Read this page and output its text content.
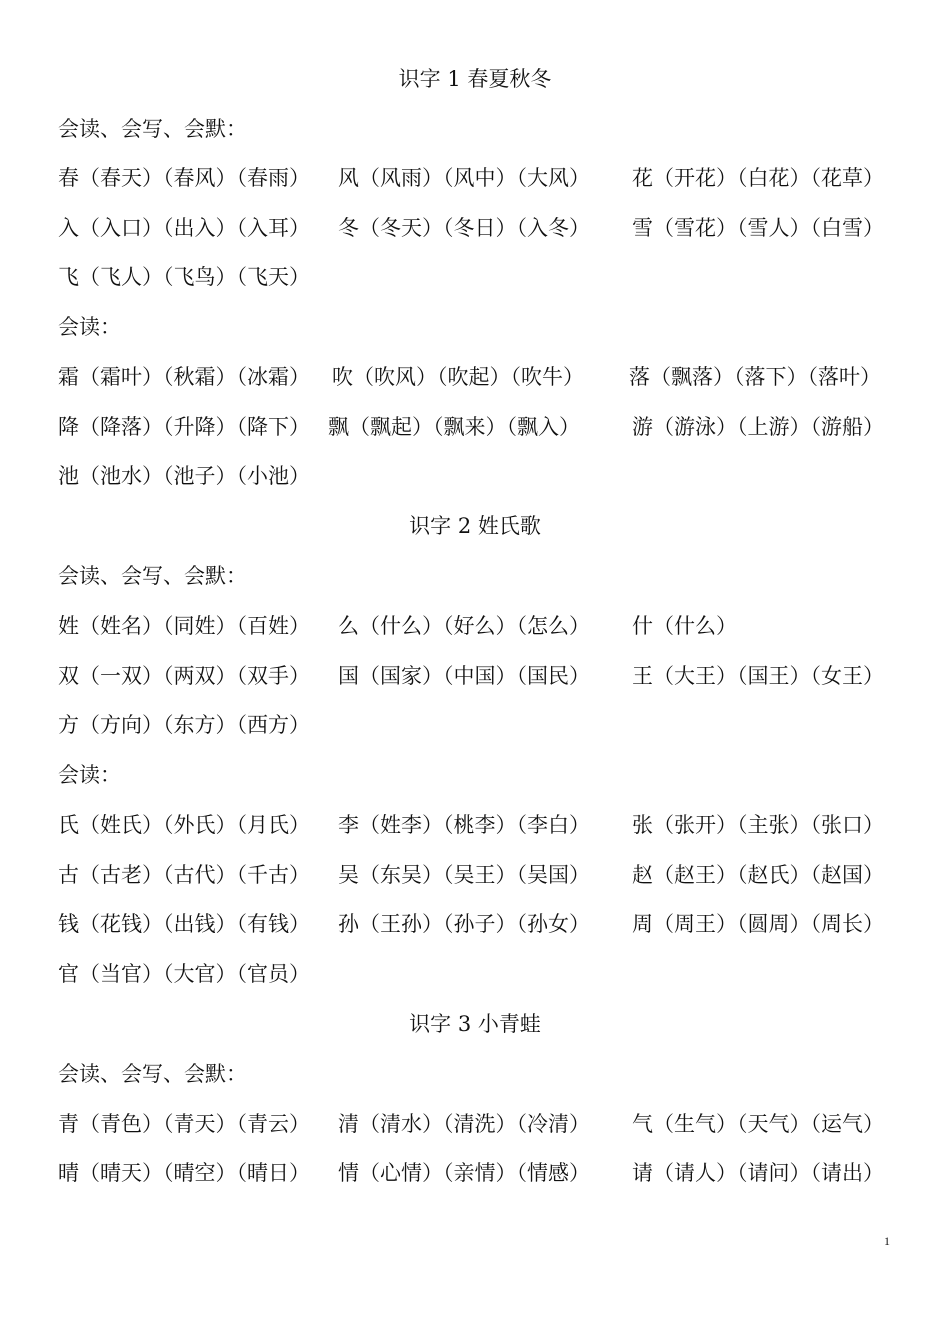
识字 1 春夏秋冬
会读、会写、会默：
春（春天）（春风）（春雨） 风（风雨）（风中）（大风） 花（开花）（白花）（花草）
入（入口）（出入）（入耳） 冬（冬天）（冬日）（入冬） 雪（雪花）（雪人）（白雪）
飞（飞人）（飞鸟）（飞天）
会读：
霜（霜叶）（秋霜）（冰霜） 吹（吹风）（吹起）（吹牛） 落（飘落）（落下）（落叶）
降（降落）（升降）（降下） 飘（飘起）（飘来）（飘入） 游（游泳）（上游）（游船）
池（池水）（池子）（小池）
识字 2 姓氏歌
会读、会写、会默：
姓（姓名）（同姓）（百姓） 么（什么）（好么）（怎么） 什（什么）
双（一双）（两双）（双手） 国（国家）（中国）（国民） 王（大王）（国王）（女王）
方（方向）（东方）（西方）
会读：
氏（姓氏）（外氏）（月氏） 李（姓李）（桃李）（李白） 张（张开）（主张）（张口）
古（古老）（古代）（千古） 吴（东吴）（吴王）（吴国） 赵（赵王）（赵氏）（赵国）
钱（花钱）（出钱）（有钱） 孙（王孙）（孙子）（孙女） 周（周王）（圆周）（周长）
官（当官）（大官）（官员）
识字 3 小青蛙
会读、会写、会默：
青（青色）（青天）（青云） 清（清水）（清洗）（冷清） 气（生气）（天气）（运气）
晴（晴天）（晴空）（晴日） 情（心情）（亲情）（情感） 请（请人）（请问）（请出）
1
